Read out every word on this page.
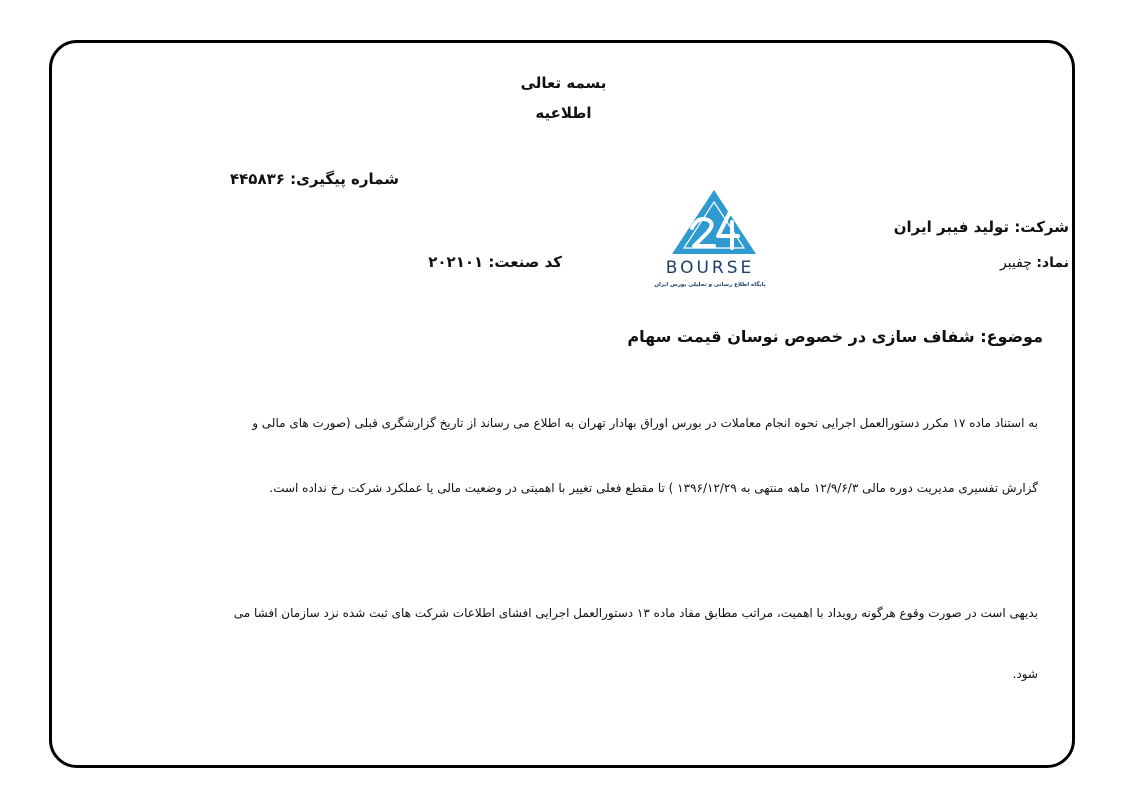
بسمه تعالی
اطلاعیه
شماره پیگیری: ۴۴۵۸۳۶
شرکت: تولید فیبر ایران
نماد: چفیبر
کد صنعت: ۲۰۲۱۰۱	BOURSE
پایگاه اطلاع رسانی و تحلیلی بورس ایران
موضوع: شفاف سازی در خصوص نوسان قیمت سهام
به استناد ماده ۱۷ مکرر دستورالعمل اجرایی نحوه انجام معاملات در بورس اوراق بهادار تهران به اطلاع می رساند از تاریخ گزارشگری قبلی (صورت های مالی و
گزارش تفسیری مدیریت دوره مالی ۱۲/۹/۶/۳ ماهه منتهی به ۱۳۹۶/۱۲/۲۹ ) تا مقطع فعلی تغییر با اهمیتی در وضعیت مالی یا عملکرد شرکت رخ نداده است.
بدیهی است در صورت وقوع هرگونه رویداد با اهمیت، مراتب مطابق مفاد ماده ۱۳ دستورالعمل اجرایی افشای اطلاعات شرکت های ثبت شده نزد سازمان افشا می
شود.
